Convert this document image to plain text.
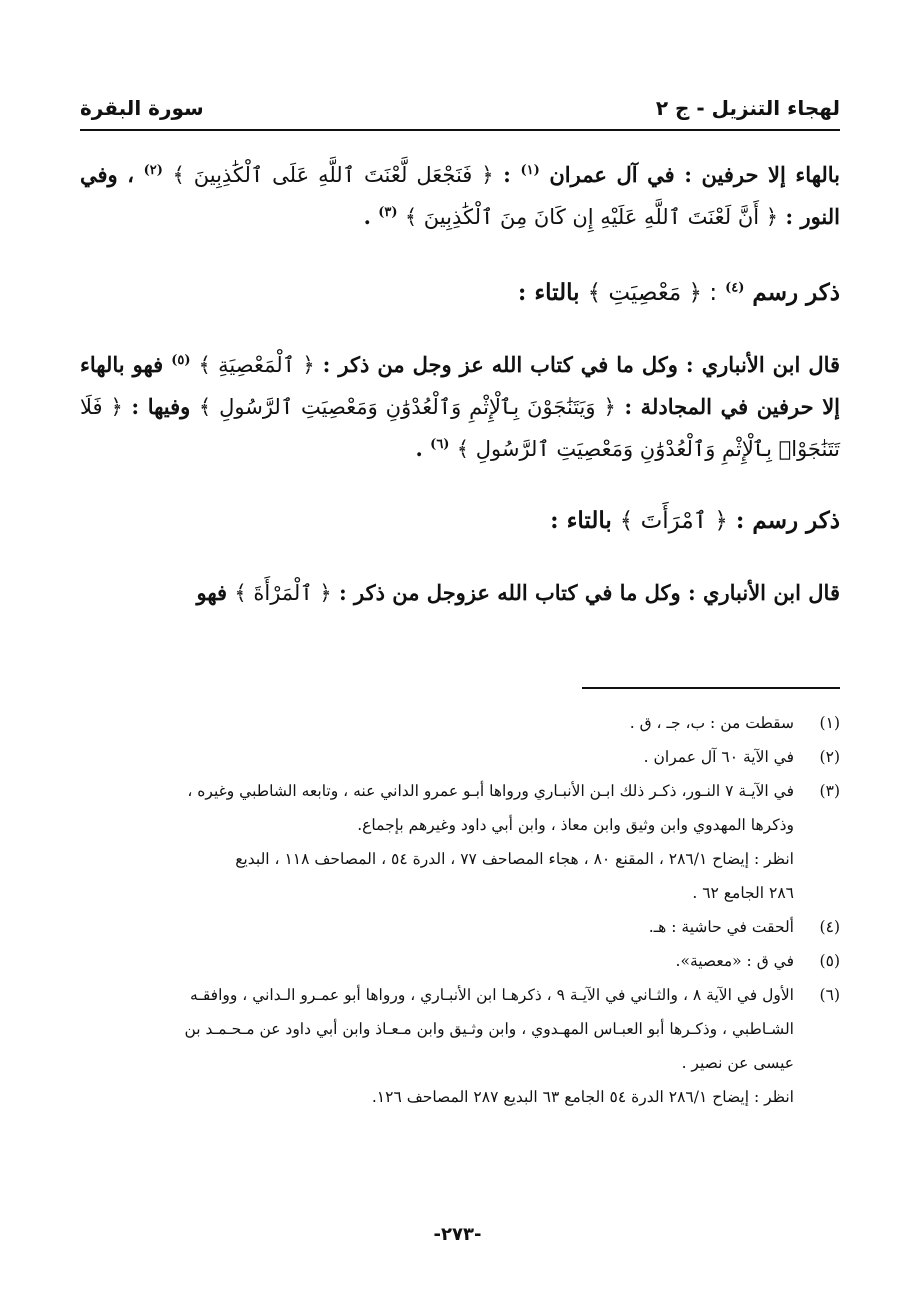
لهجاء التنزيل - ج ٢
سورة البقرة

بالهاء إلا حرفين : في آل عمران $^{(١)}$ : ﴿ فَنَجْعَل لَّعْنَتَ ٱللَّهِ عَلَى ٱلْكَٰذِبِينَ ﴾ $^{(٢)}$ ، وفي النور : ﴿ أَنَّ لَعْنَتَ ٱللَّهِ عَلَيْهِ إِن كَانَ مِنَ ٱلْكَٰذِبِينَ ﴾ $^{(٣)}$ .

ذكر رسم $^{(٤)}$ : ﴿ مَعْصِيَتِ ﴾ بالتاء :

قال ابن الأنباري : وكل ما في كتاب الله عز وجل من ذكر : ﴿ ٱلْمَعْصِيَةِ ﴾ $^{(٥)}$ فهو بالهاء إلا حرفين في المجادلة : ﴿ وَيَتَنَٰجَوْنَ بِٱلْإِثْمِ وَٱلْعُدْوَٰنِ وَمَعْصِيَتِ ٱلرَّسُولِ ﴾ وفيها : ﴿ فَلَا تَتَنَٰجَوْا۟ بِٱلْإِثْمِ وَٱلْعُدْوَٰنِ وَمَعْصِيَتِ ٱلرَّسُولِ ﴾ $^{(٦)}$ .

ذكر رسم : ﴿ ٱمْرَأَتَ ﴾ بالتاء :

قال ابن الأنباري : وكل ما في كتاب الله عزوجل من ذكر : ﴿ ٱلْمَرْأَةَ ﴾ فهو

(١)
سقطت من : ب، جـ ، ق .
(٢)
في الآية ٦٠ آل عمران .
(٣)
في الآيـة ٧ النـور، ذكـر ذلك ابـن الأنبـاري ورواها أبـو عمرو الداني عنه ، وتابعه الشاطبي وغيره ،
وذكرها المهدوي وابن وثيق وابن معاذ ، وابن أبي داود وغيرهم بإجماع.
انظر : إيضاح ٢٨٦/١ ، المقنع ٨٠ ، هجاء المصاحف ٧٧ ، الدرة ٥٤ ، المصاحف ١١٨ ، البديع
٢٨٦ الجامع ٦٢ .
(٤)
ألحقت في حاشية : هـ.
(٥)
في ق : «معصية».
(٦)
الأول في الآية ٨ ، والثـاني في الآيـة ٩ ، ذكرهـا ابن الأنبـاري ، ورواها أبو عمـرو الـداني ، ووافقـه
الشـاطبي ، وذكـرها أبو العبـاس المهـدوي ، وابن وثـيق وابن مـعـاذ وابن أبي داود عن مـحـمـد بن
عيسى عن نصير .
انظر : إيضاح ٢٨٦/١ الدرة ٥٤ الجامع ٦٣ البديع ٢٨٧ المصاحف ١٢٦.
-٢٧٣-
